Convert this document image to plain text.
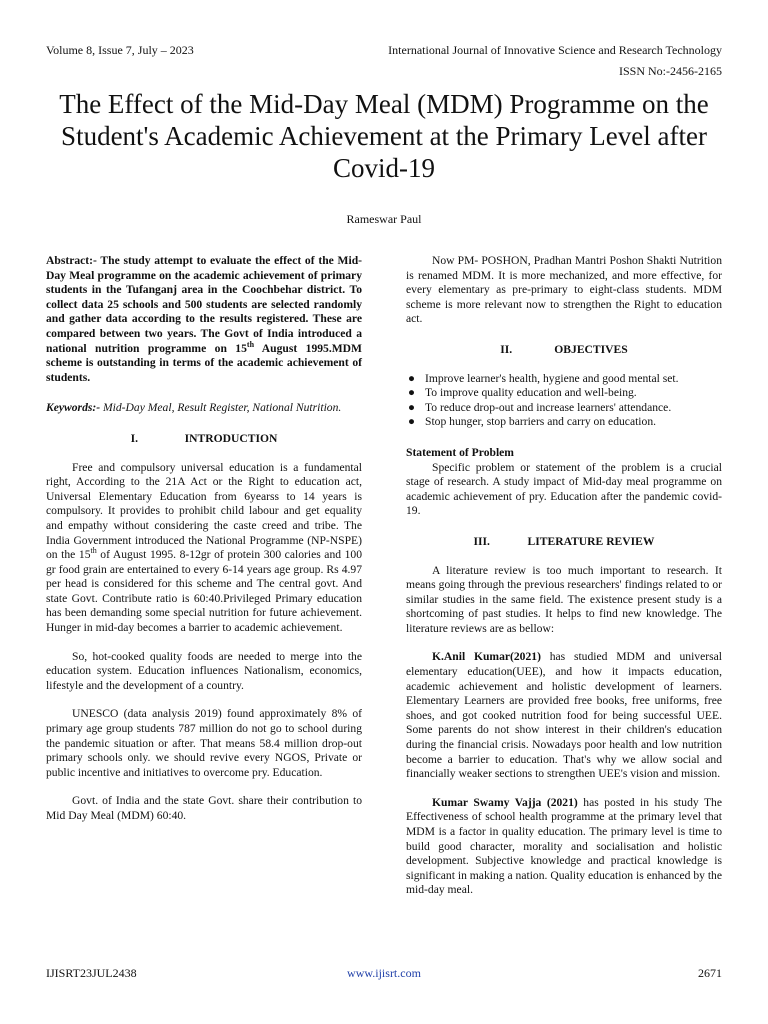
Volume 8, Issue 7, July – 2023	International Journal of Innovative Science and Research Technology
ISSN No:-2456-2165
The Effect of the Mid-Day Meal (MDM) Programme on the Student's Academic Achievement at the Primary Level after Covid-19
Rameswar Paul

Abstract:- The study attempt to evaluate the effect of the Mid-Day Meal programme on the academic achievement of primary students in the Tufanganj area in the Coochbehar district. To collect data 25 schools and 500 students are selected randomly and gather data according to the results registered. These are compared between two years. The Govt of India introduced a national nutrition programme on 15th August 1995.MDM scheme is outstanding in terms of the academic achievement of students.

Keywords:- Mid-Day Meal, Result Register, National Nutrition.

I.	INTRODUCTION

Free and compulsory universal education is a fundamental right, According to the 21A Act or the Right to education act, Universal Elementary Education from 6yearss to 14 years is compulsory. It provides to prohibit child labour and get equality and empathy without considering the caste creed and tribe. The India Government introduced the National Programme (NP-NSPE) on the 15th of August 1995. 8-12gr of protein 300 calories and 100 gr food grain are entertained to every 6-14 years age group. Rs 4.97 per head is considered for this scheme and The central govt. And state Govt. Contribute ratio is 60:40.Privileged Primary education has been demanding some special nutrition for future achievement. Hunger in mid-day becomes a barrier to academic achievement.

So, hot-cooked quality foods are needed to merge into the education system. Education influences Nationalism, economics, lifestyle and the development of a country.

UNESCO (data analysis 2019) found approximately 8% of primary age group students 787 million do not go to school during the pandemic situation or after. That means 58.4 million drop-out primary schools only. we should revive every NGOS, Private or public incentive and initiatives to overcome pry. Education.

Govt. of India and the state Govt. share their contribution to Mid Day Meal (MDM) 60:40.

Now PM- POSHON, Pradhan Mantri Poshon Shakti Nutrition is renamed MDM. It is more mechanized, and more effective, for every elementary as pre-primary to eight-class students. MDM scheme is more relevant now to strengthen the Right to education act.

II.	OBJECTIVES
● Improve learner's health, hygiene and good mental set.
● To improve quality education and well-being.
● To reduce drop-out and increase learners' attendance.
● Stop hunger, stop barriers and carry on education.

Statement of Problem

Specific problem or statement of the problem is a crucial stage of research. A study impact of Mid-day meal programme on academic achievement of pry. Education after the pandemic covid-19.

III.	LITERATURE REVIEW

A literature review is too much important to research. It means going through the previous researchers' findings related to or similar studies in the same field. The existence present study is a shortcoming of past studies. It helps to find new knowledge. The literature reviews are as bellow:

K.Anil Kumar(2021) has studied MDM and universal elementary education(UEE), and how it impacts education, academic achievement and holistic development of learners. Elementary Learners are provided free books, free uniforms, free shoes, and got cooked nutrition food for being successful UEE. Some parents do not show interest in their children's education during the financial crisis. Nowadays poor health and low nutrition become a barrier to education. That's why we allow social and financially weaker sections to strengthen UEE's vision and mission.

Kumar Swamy Vajja (2021) has posted in his study The Effectiveness of school health programme at the primary level that MDM is a factor in quality education. The primary level is time to build good character, morality and socialisation and holistic development. Subjective knowledge and practical knowledge is significant in making a nation. Quality education is enhanced by the mid-day meal.

IJISRT23JUL2438	www.ijisrt.com	2671
